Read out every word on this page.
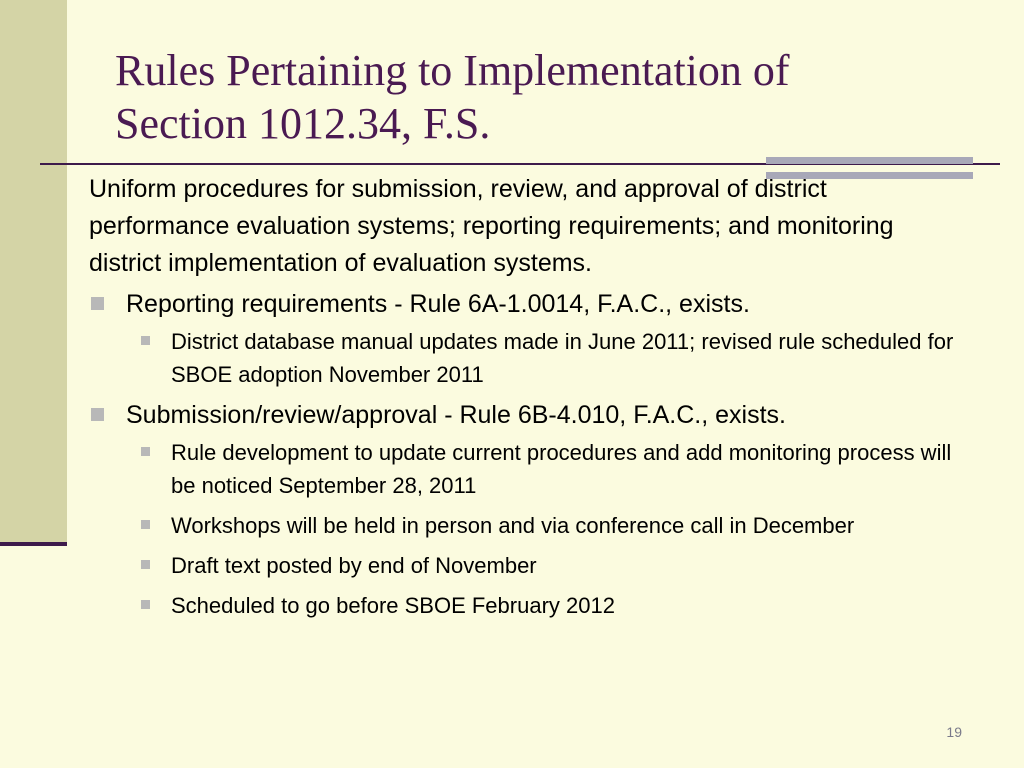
Rules Pertaining to Implementation of
Section 1012.34, F.S.

Uniform procedures for submission, review, and approval of district performance evaluation systems; reporting requirements; and monitoring district implementation of evaluation systems.

Reporting requirements - Rule 6A-1.0014, F.A.C., exists.
District database manual updates made in June 2011; revised rule scheduled for SBOE adoption November 2011
Submission/review/approval - Rule 6B-4.010, F.A.C., exists.
Rule development to update current procedures and add monitoring process will be noticed September 28, 2011
Workshops will be held in person and via conference call in December
Draft text posted by end of November
Scheduled to go before SBOE February 2012
19
